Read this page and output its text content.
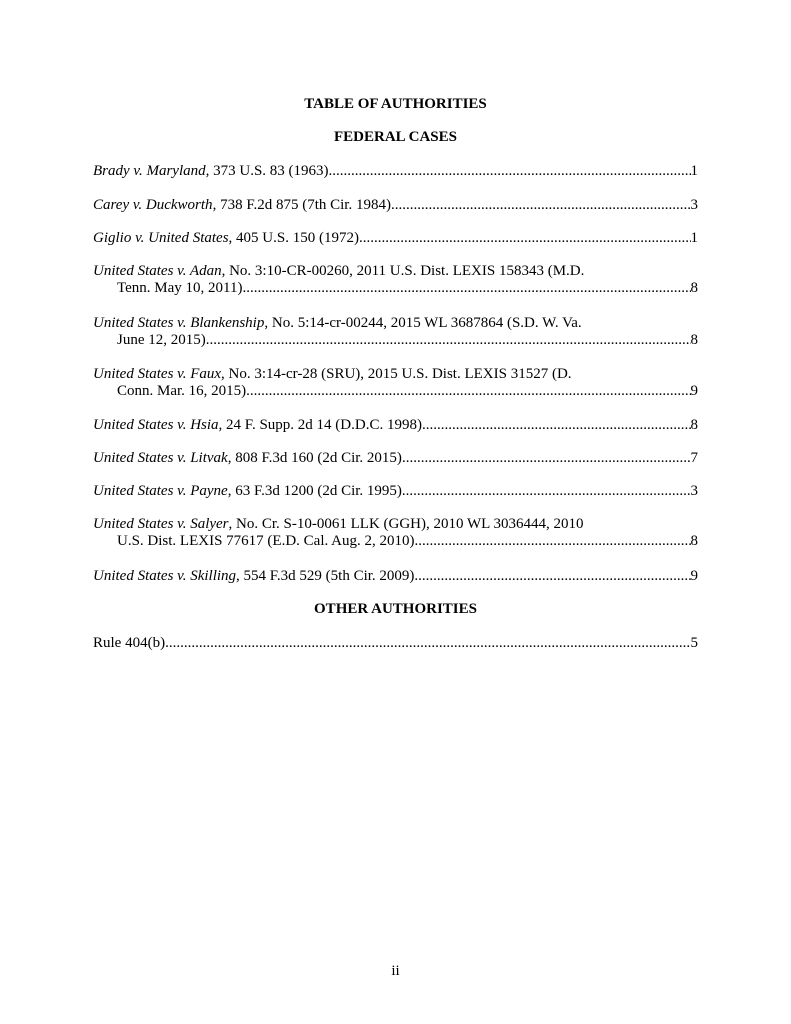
TABLE OF AUTHORITIES
FEDERAL CASES
Brady v. Maryland, 373 U.S. 83 (1963) .....	1
Carey v. Duckworth, 738 F.2d 875 (7th Cir. 1984) .....	3
Giglio v. United States, 405 U.S. 150 (1972) .....	1
United States v. Adan, No. 3:10-CR-00260, 2011 U.S. Dist. LEXIS 158343 (M.D.
Tenn. May 10, 2011) .....	8
United States v. Blankenship, No. 5:14-cr-00244, 2015 WL 3687864 (S.D. W. Va.
June 12, 2015) .....	8
United States v. Faux, No. 3:14-cr-28 (SRU), 2015 U.S. Dist. LEXIS 31527 (D.
Conn. Mar. 16, 2015) .....	9
United States v. Hsia, 24 F. Supp. 2d 14 (D.D.C. 1998) .....	8
United States v. Litvak, 808 F.3d 160 (2d Cir. 2015) .....	7
United States v. Payne, 63 F.3d 1200 (2d Cir. 1995) .....	3
United States v. Salyer, No. Cr. S-10-0061 LLK (GGH), 2010 WL 3036444, 2010
U.S. Dist. LEXIS 77617 (E.D. Cal. Aug. 2, 2010) .....	8
United States v. Skilling, 554 F.3d 529 (5th Cir. 2009) .....	9
OTHER AUTHORITIES
Rule 404(b) .....	5
ii
